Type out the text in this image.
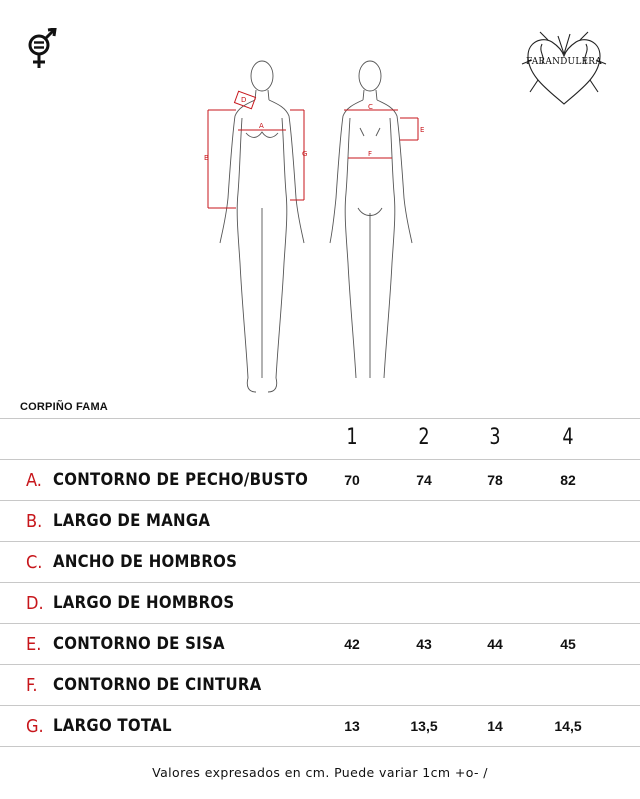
FARANDULERA
D
A
B	G
C
E
F
CORPIÑO FAMA
1	2	3	4
A. CONTORNO DE PECHO/BUSTO	70	74	78	82
B. LARGO DE MANGA
C. ANCHO DE HOMBROS
D. LARGO DE HOMBROS
E. CONTORNO DE SISA	42	43	44	45
F. CONTORNO DE CINTURA
G. LARGO TOTAL	13	13,5	14	14,5
Valores expresados en cm. Puede variar 1cm +o- /
